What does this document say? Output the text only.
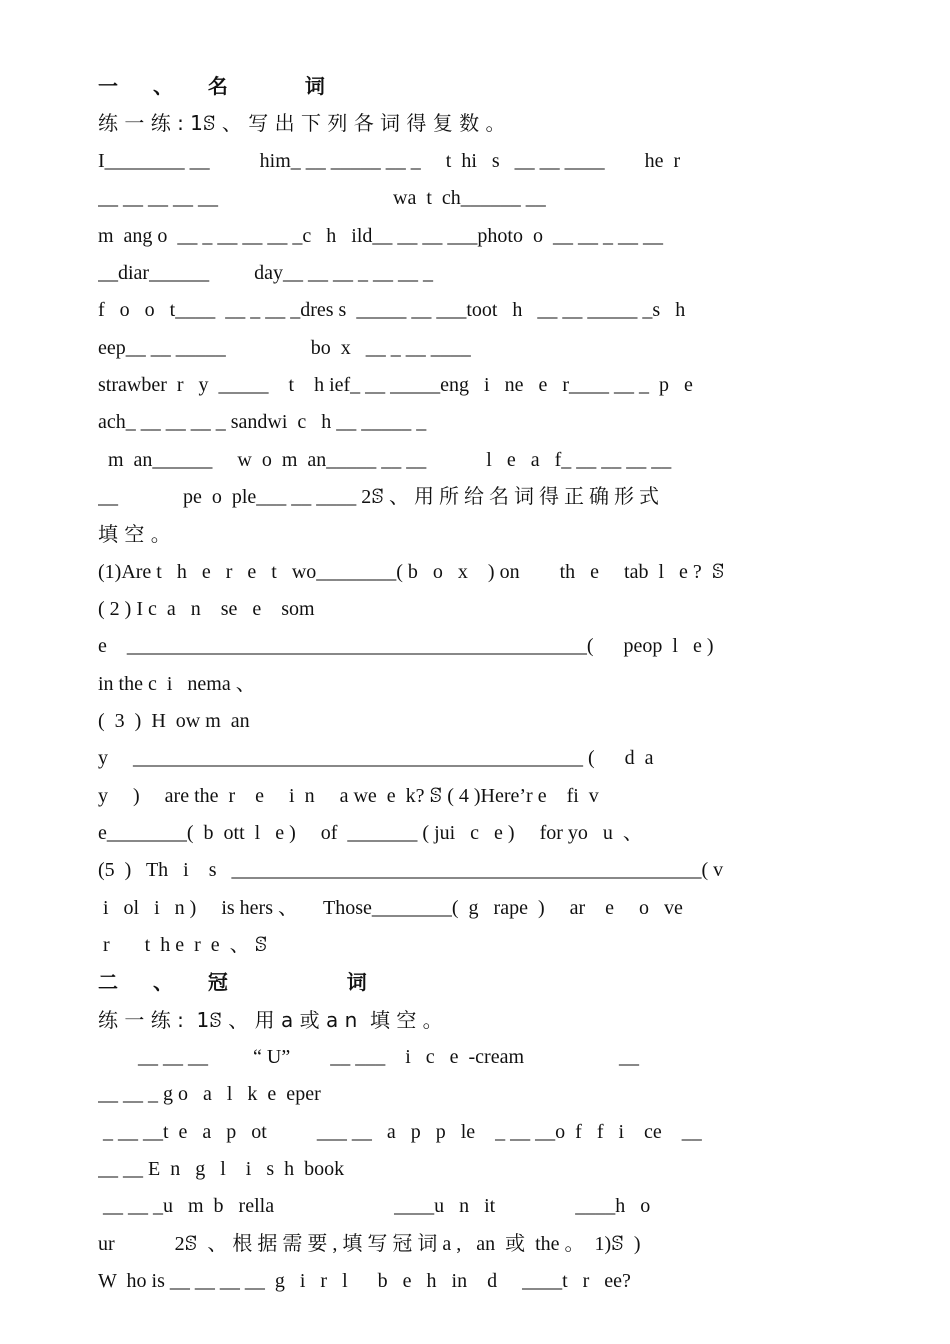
一 、 名   词
练 一 练 : 1ꕷ 、 写 出 下 列 各 词 得 复 数 。
I________ __          him_ __ _____ __ _     t  hi   s   __ __ ____        he  r
__ __ __ __ __                                   wa  t  ch______ __
m  ang o  __ _ __ __ __ _c   h   ild__ __ __ ___photo  o  __ __ _ __ __
__diar______         day__ __ __ _ __ __ _
f   o   o   t____  __ _ __ _dres s  _____ __ ___toot   h   __ __ _____ _s   h
eep__ __ _____                 bo  x   __ _ __ ____
strawber  r   y  _____    t    h ief_ __ _____eng   i   ne   e   r____ __ _  p   e
ach_ __ __ __ _ sandwi  c   h __ _____ _
m  an______     w  o  m  an_____ __ __            l   e   a   f_ __ __ __ __
__             pe  o  ple___ __ ____ 2ꕷ 、 用 所 给 名 词 得 正 确 形 式
填 空 。
(1)Are t   h   e   r   e   t   wo________( b   o   x    ) on        th   e     tab  l   e ?  ꕷ
( 2 ) I c  a   n    se   e    som
e    ______________________________________________(      peop  l   e )
in the c  i   nema 、
(  3  )  H  ow m  an
y     _____________________________________________ (      d  a
y     )     are the  r    e     i  n     a we  e  k? ꕷ ( 4 )Here’r e    fi  v
e________(  b  ott  l   e )     of  _______ ( jui   c   e )     for yo   u  、
(5  )   Th   i    s   _______________________________________________( v
i   ol   i   n )     is hers 、     Those________(  g   rape  )     ar    e     o   ve
r       t  h e  r  e  、 ꕷ
二 、 冠     词
练 一 练 :  1ꕷ 、 用 a 或 a n  填 空 。
__ __ __         “ U”        __ ___    i   c   e  -cream                   __
__ __ _ g o   a   l   k  e  eper
_ __ __t  e   a   p   ot          ___ __   a   p   p   le    _ __ __o  f   f   i    ce    __
__ __ E  n   g   l    i   s  h  book
__ __ _u   m  b   rella                        ____u   n   it                ____h   o
ur            2ꕷ  、 根 据 需 要 , 填 写 冠 词 a ,   an  或  the 。  1)ꕷ  )
W  ho is __ __ __ __  g   i   r   l      b   e   h   in    d     ____t   r   ee?
